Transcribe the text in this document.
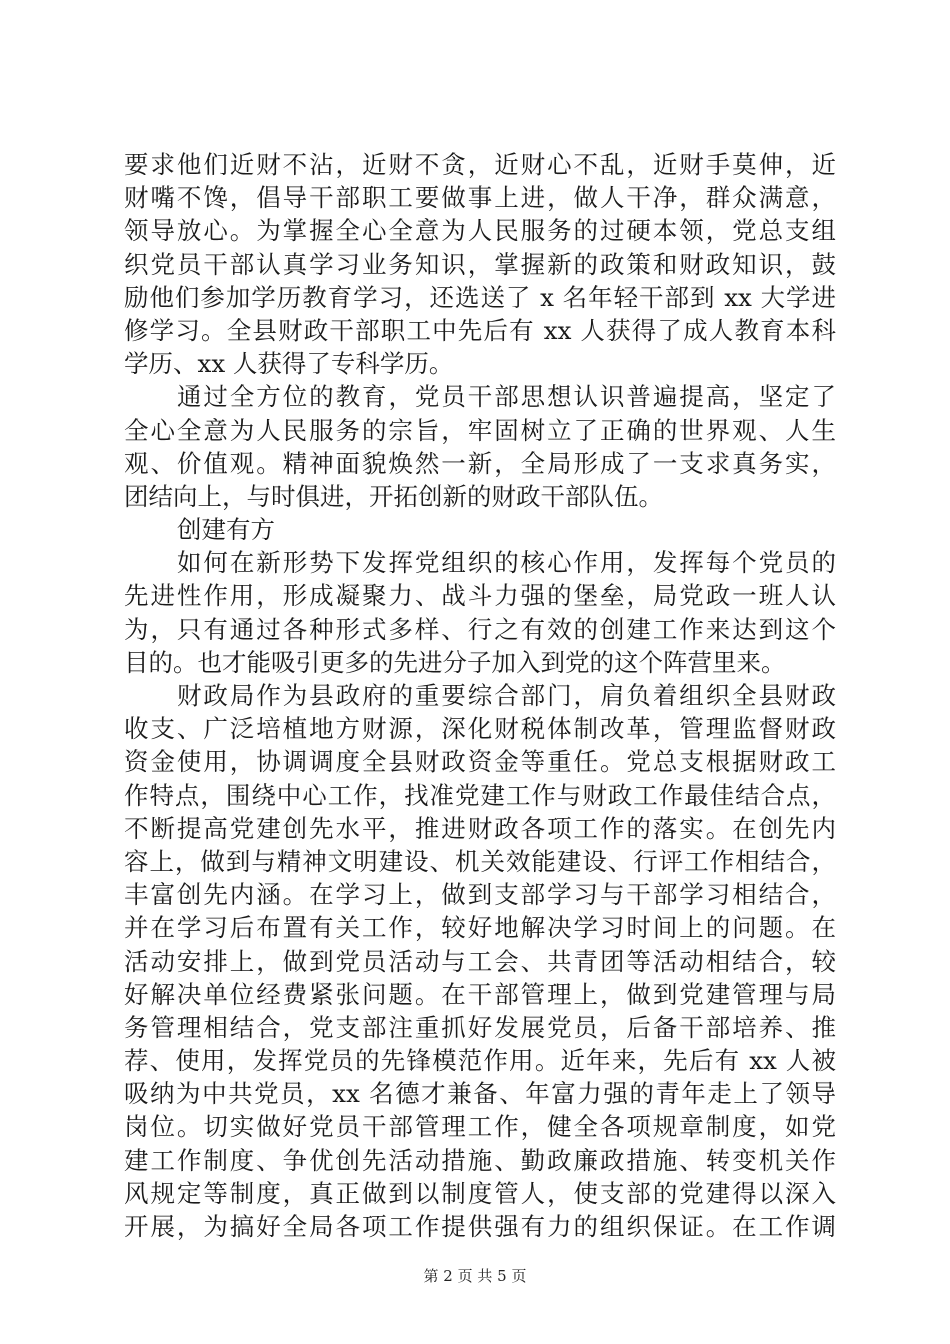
要求他们近财不沾，近财不贪，近财心不乱，近财手莫伸，近
财嘴不馋，倡导干部职工要做事上进，做人干净，群众满意，
领导放心。为掌握全心全意为人民服务的过硬本领，党总支组
织党员干部认真学习业务知识，掌握新的政策和财政知识，鼓
励他们参加学历教育学习，还选送了 x 名年轻干部到 xx 大学进
修学习。全县财政干部职工中先后有 xx 人获得了成人教育本科
学历、xx 人获得了专科学历。
通过全方位的教育，党员干部思想认识普遍提高，坚定了
全心全意为人民服务的宗旨，牢固树立了正确的世界观、人生
观、价值观。精神面貌焕然一新，全局形成了一支求真务实，
团结向上，与时俱进，开拓创新的财政干部队伍。
创建有方
如何在新形势下发挥党组织的核心作用，发挥每个党员的
先进性作用，形成凝聚力、战斗力强的堡垒，局党政一班人认
为，只有通过各种形式多样、行之有效的创建工作来达到这个
目的。也才能吸引更多的先进分子加入到党的这个阵营里来。
财政局作为县政府的重要综合部门，肩负着组织全县财政
收支、广泛培植地方财源，深化财税体制改革，管理监督财政
资金使用，协调调度全县财政资金等重任。党总支根据财政工
作特点，围绕中心工作，找准党建工作与财政工作最佳结合点，
不断提高党建创先水平，推进财政各项工作的落实。在创先内
容上，做到与精神文明建设、机关效能建设、行评工作相结合，
丰富创先内涵。在学习上，做到支部学习与干部学习相结合，
并在学习后布置有关工作，较好地解决学习时间上的问题。在
活动安排上，做到党员活动与工会、共青团等活动相结合，较
好解决单位经费紧张问题。在干部管理上，做到党建管理与局
务管理相结合，党支部注重抓好发展党员，后备干部培养、推
荐、使用，发挥党员的先锋模范作用。近年来，先后有 xx 人被
吸纳为中共党员，xx 名德才兼备、年富力强的青年走上了领导
岗位。切实做好党员干部管理工作，健全各项规章制度，如党
建工作制度、争优创先活动措施、勤政廉政措施、转变机关作
风规定等制度，真正做到以制度管人，使支部的党建得以深入
开展，为搞好全局各项工作提供强有力的组织保证。在工作调
第 2 页 共 5 页
